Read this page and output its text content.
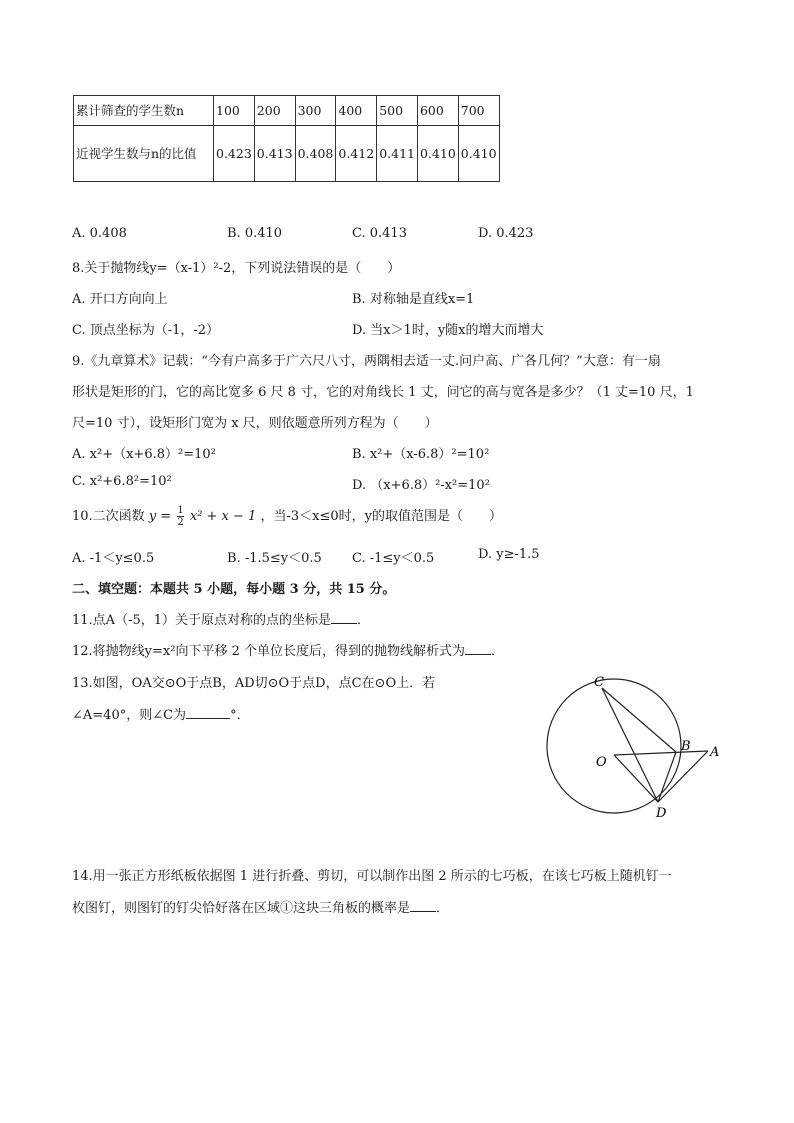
累计筛查的学生数n	100	200	300	400	500	600	700
近视学生数与n的比值	0.423	0.413	0.408	0.412	0.411	0.410	0.410
A. 0.408	B. 0.410	C. 0.413	D. 0.423
8.关于抛物线y=（x-1）²-2，下列说法错误的是（　　）
A. 开口方向向上	B. 对称轴是直线x=1
C. 顶点坐标为（-1，-2）	D. 当x＞1时，y随x的增大而增大
9.《九章算术》记载：“今有户高多于广六尺八寸，两隅相去适一丈.问户高、广各几何？”大意：有一扇
形状是矩形的门，它的高比宽多 6 尺 8 寸，它的对角线长 1 丈，问它的高与宽各是多少？（1 丈=10 尺，1
尺=10 寸），设矩形门宽为 x 尺，则依题意所列方程为（　　）
A. x²+（x+6.8）²=10²	B. x²+（x-6.8）²=10²
C. x²+6.8²=10²	D. （x+6.8）²-x²=10²
10.二次函数 $y = \frac{1}{2} x^2 + x - 1$ ，当-3＜x≤0时，y的取值范围是（　　）
A. -1＜y≤0.5	B. -1.5≤y＜0.5 C. -1≤y＜0.5	D. y≥-1.5
二、填空题：本题共 5 小题，每小题 3 分，共 15 分。
11.点A（-5，1）关于原点对称的点的坐标是 ．
12.将抛物线y=x²向下平移 2 个单位长度后，得到的抛物线解析式为 ．
13.如图，OA交⊙O于点B，AD切⊙O于点D，点C在⊙O上．若
∠A=40°，则∠C为	°．
C
B A
O
D
14.用一张正方形纸板依据图 1 进行折叠、剪切，可以制作出图 2 所示的七巧板，在该七巧板上随机钉一
枚图钉，则图钉的钉尖恰好落在区域①这块三角板的概率是 ．
